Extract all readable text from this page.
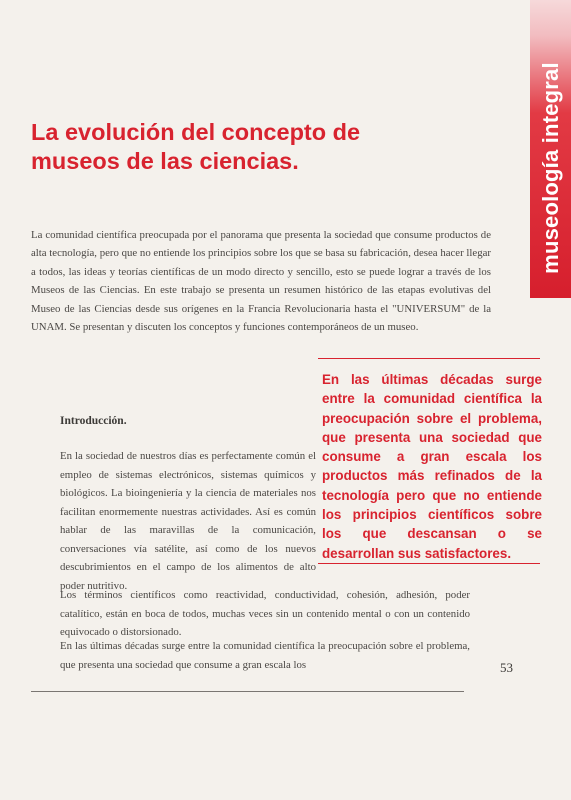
museología integral
La evolución del concepto de museos de las ciencias.

La comunidad científica preocupada por el panorama que presenta la sociedad que consume productos de alta tecnología, pero que no entiende los principios sobre los que se basa su fabricación, desea hacer llegar a todos, las ideas y teorías científicas de un modo directo y sencillo, esto se puede lograr a través de los Museos de las Ciencias. En este trabajo se presenta un resumen histórico de las etapas evolutivas del Museo de las Ciencias desde sus orígenes en la Francia Revolucionaria hasta el "UNIVERSUM" de la UNAM. Se presentan y discuten los conceptos y funciones contemporáneos de un museo.

En las últimas décadas surge entre la comunidad científica la preocupación sobre el problema, que presenta una sociedad que consume a gran escala los productos más refinados de la tecnología pero que no entiende los principios científicos sobre los que descansan o se desarrollan sus satisfactores.

Introducción.

En la sociedad de nuestros días es perfectamente común el empleo de sistemas electrónicos, sistemas químicos y biológicos. La bioingeniería y la ciencia de materiales nos facilitan enormemente nuestras actividades. Así es común hablar de las maravillas de la comunicación, conversaciones vía satélite, así como de los nuevos descubrimientos en el campo de los alimentos de alto poder nutritivo.

Los términos científicos como reactividad, conductividad, cohesión, adhesión, poder catalítico, están en boca de todos, muchas veces sin un contenido mental o con un contenido equivocado o distorsionado.

En las últimas décadas surge entre la comunidad científica la preocupación sobre el problema, que presenta una sociedad que consume a gran escala los	53
